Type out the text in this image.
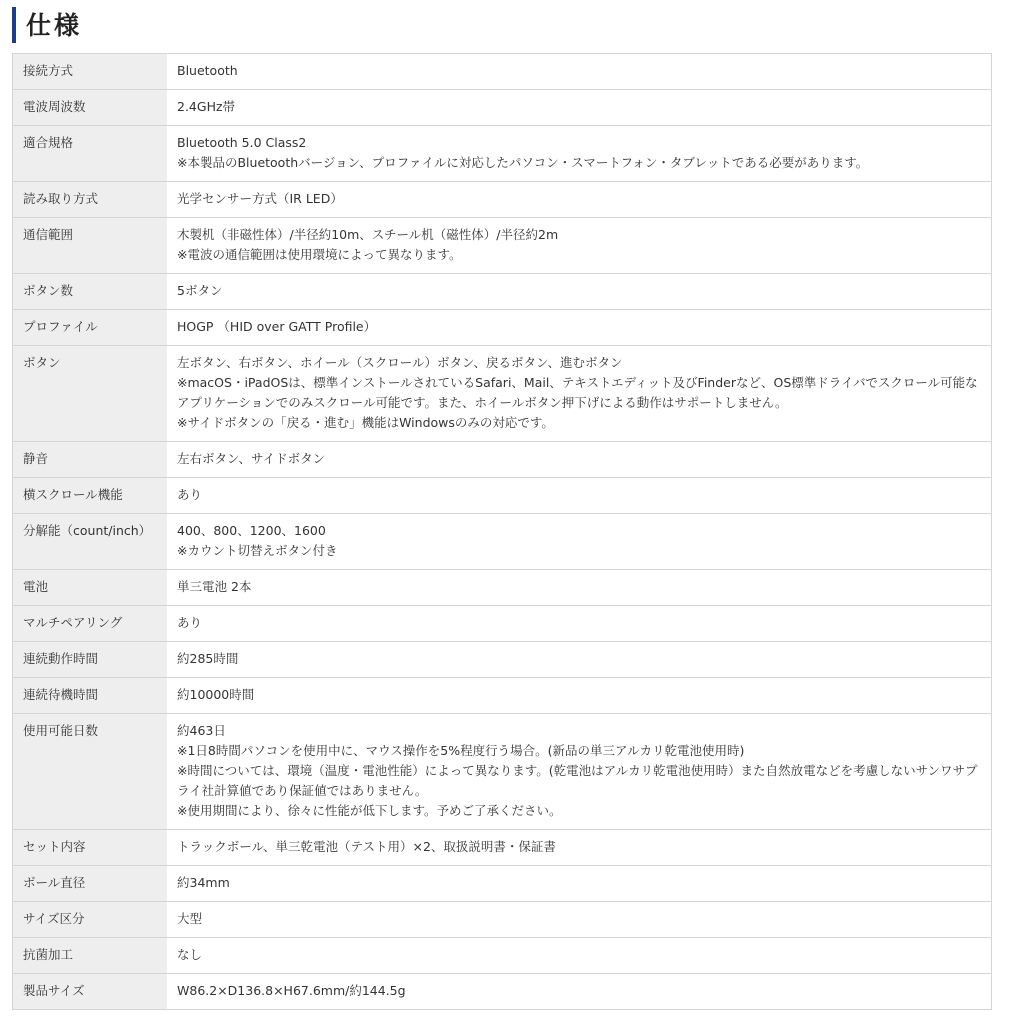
仕様
接続方式	Bluetooth

電波周波数	2.4GHz帯

適合規格	Bluetooth 5.0 Class2
※本製品のBluetoothバージョン、プロファイルに対応したパソコン・スマートフォン・タブレットである必要があります。

読み取り方式	光学センサー方式（IR LED）

通信範囲	木製机（非磁性体）/半径約10m、スチール机（磁性体）/半径約2m
※電波の通信範囲は使用環境によって異なります。

ボタン数	5ボタン

プロファイル	HOGP （HID over GATT Profile）

ボタン	左ボタン、右ボタン、ホイール（スクロール）ボタン、戻るボタン、進むボタン
※macOS・iPadOSは、標準インストールされているSafari、Mail、テキストエディット及びFinderなど、OS標準ドライバでスクロール可能なアプリケーションでのみスクロール可能です。また、ホイールボタン押下げによる動作はサポートしません。
※サイドボタンの「戻る・進む」機能はWindowsのみの対応です。

静音	左右ボタン、サイドボタン

横スクロール機能	あり

分解能（count/inch）	400、800、1200、1600
※カウント切替えボタン付き

電池	単三電池 2本

マルチペアリング	あり

連続動作時間	約285時間

連続待機時間	約10000時間

使用可能日数	約463日
※1日8時間パソコンを使用中に、マウス操作を5%程度行う場合。(新品の単三アルカリ乾電池使用時)
※時間については、環境（温度・電池性能）によって異なります。(乾電池はアルカリ乾電池使用時）また自然放電などを考慮しないサンワサプライ社計算値であり保証値ではありません。
※使用期間により、徐々に性能が低下します。予めご了承ください。

セット内容	トラックボール、単三乾電池（テスト用）×2、取扱説明書・保証書

ボール直径	約34mm

サイズ区分	大型

抗菌加工	なし

製品サイズ	W86.2×D136.8×H67.6mm/約144.5g
